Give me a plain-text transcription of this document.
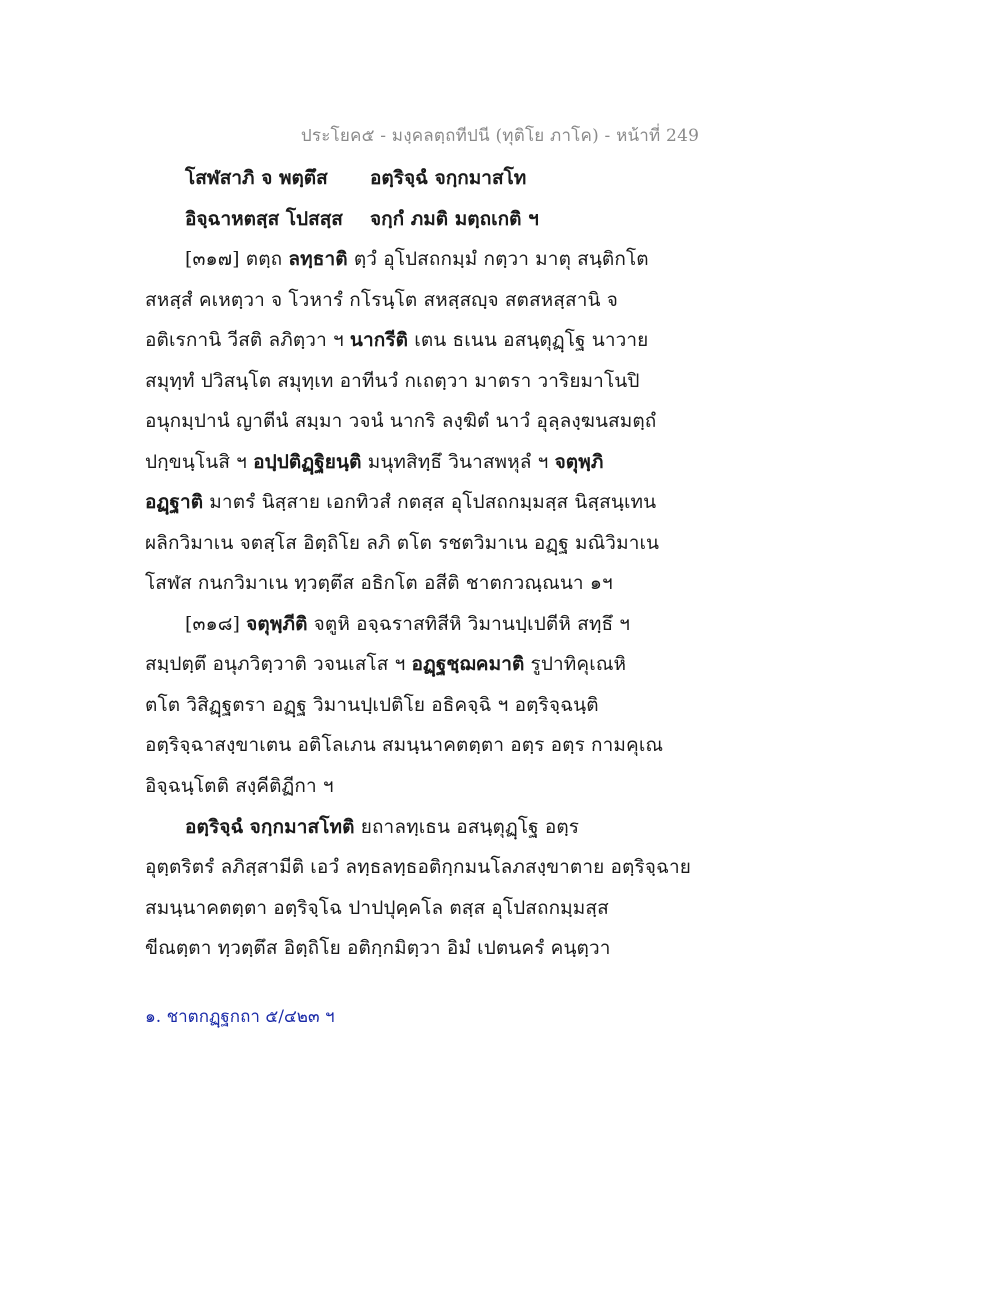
ประโยค๕ - มงฺคลตฺถทีปนี (ทุติโย ภาโค) - หน้าที่ 249
โสฬสาภิ จ พตฺตึส อตฺริจฺฉํ จกฺกมาสโท
อิจฺฉาหตสฺส โปสสฺส จกฺกํ ภมติ มตฺถเกติ ฯ
[๓๑๗] ตตฺถ ลทฺธาติ ตฺวํ อุโปสถกมฺมํ กตฺวา มาตุ สนฺติกโต
สหสฺสํ คเหตฺวา จ โวหารํ กโรนฺโต สหสฺสญฺจ สตสหสฺสานิ จ
อติเรกานิ วีสติ ลภิตฺวา ฯ นากรีติ เตน ธเนน อสนฺตุฏฺโฐ นาวาย
สมุทฺทํ ปวิสนฺโต สมุทฺเท อาทีนวํ กเถตฺวา มาตรา วาริยมาโนปิ
อนุกมฺปานํ ญาตีนํ สมฺมา วจนํ นากริ ลงฺฆิตํ นาวํ อุลฺลงฺฆนสมตฺถํ
ปกฺขนฺโนสิ ฯ อปฺปติฏฺฐิยนฺติ มนุทสิทฺธึ วินาสพหุลํ ฯ จตุพฺภิ
อฏฺฐาติ มาตรํ นิสฺสาย เอกทิวสํ กตสฺส อุโปสถกมฺมสฺส นิสฺสนฺเทน
ผลิกวิมาเน จตสฺโส อิตฺถิโย ลภิ ตโต รชตวิมาเน อฏฺฐ มณิวิมาเน
โสฬส กนกวิมาเน ทฺวตฺตึส อธิกโต อสีติ ชาตกวณฺณนา ๑ฯ
[๓๑๘] จตุพฺภีติ จตูหิ อจฺฉราสทิสีหิ วิมานปฺเปตีหิ สทฺธึ ฯ
สมฺปตฺตึ อนุภวิตฺวาติ วจนเสโส ฯ อฏฺฐชฺฌคมาติ รูปาทิคุเณหิ
ตโต วิสิฏฺฐตรา อฏฺฐ วิมานปฺเปติโย อธิคจฺฉิ ฯ อตฺริจฺฉนฺติ
อตฺริจฺฉาสงฺขาเตน อติโลเภน สมนฺนาคตตฺตา อตฺร อตฺร กามคุเณ
อิจฺฉนฺโตติ สงฺคีติฏีกา ฯ
อตฺริจฺฉํ จกฺกมาสโทติ ยถาลทฺเธน อสนฺตุฏฺโฐ อตฺร
อุตฺตริตรํ ลภิสฺสามีติ เอวํ ลทฺธลทฺธอติกฺกมนโลภสงฺขาตาย อตฺริจฺฉาย
สมนฺนาคตตฺตา อตฺริจฺโฉ ปาปปุคฺคโล ตสฺส อุโปสถกมฺมสฺส
ขีณตฺตา ทฺวตฺตึส อิตฺถิโย อติกฺกมิตฺวา อิมํ เปตนครํ คนฺตฺวา
๑. ชาตกฏฺฐกถา ๕/๔๒๓ ฯ
